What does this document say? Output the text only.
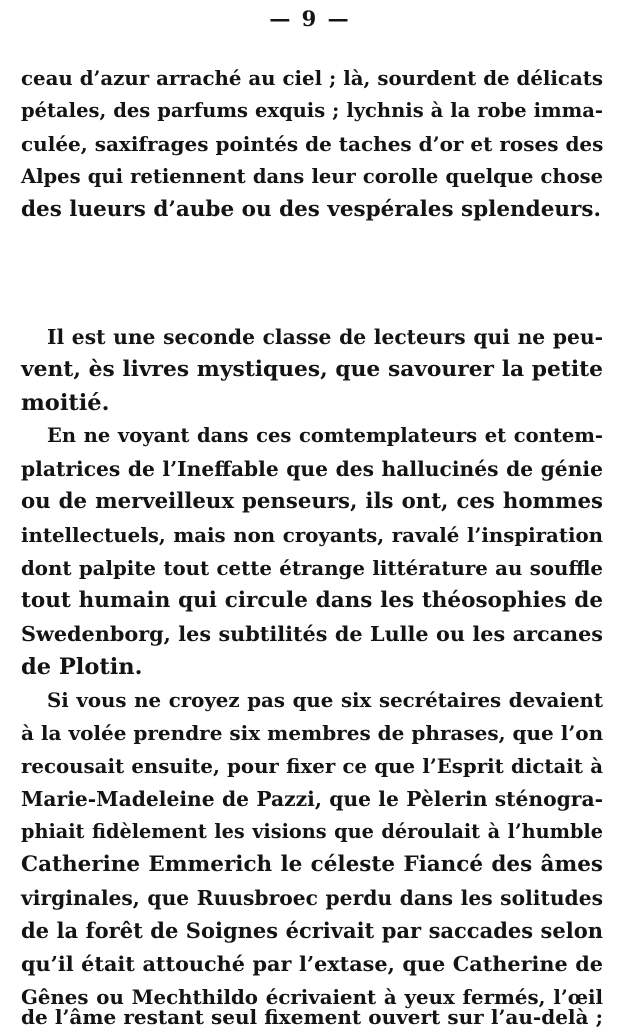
— 9 —
ceau d’azur arraché au ciel ; là, sourdent de délicats
pétales, des parfums exquis ; lychnis à la robe imma-
culée, saxifrages pointés de taches d’or et roses des
Alpes qui retiennent dans leur corolle quelque chose
des lueurs d’aube ou des vespérales splendeurs.
Il est une seconde classe de lecteurs qui ne peu-
vent, ès livres mystiques, que savourer la petite
moitié.
En ne voyant dans ces comtemplateurs et contem-
platrices de l’Ineffable que des hallucinés de génie
ou de merveilleux penseurs, ils ont, ces hommes
intellectuels, mais non croyants, ravalé l’inspiration
dont palpite tout cette étrange littérature au souffle
tout humain qui circule dans les théosophies de
Swedenborg, les subtilités de Lulle ou les arcanes
de Plotin.
Si vous ne croyez pas que six secrétaires devaient
à la volée prendre six membres de phrases, que l’on
recousait ensuite, pour fixer ce que l’Esprit dictait à
Marie-Madeleine de Pazzi, que le Pèlerin sténogra-
phiait fidèlement les visions que déroulait à l’humble
Catherine Emmerich le céleste Fiancé des âmes
virginales, que Ruusbroec perdu dans les solitudes
de la forêt de Soignes écrivait par saccades selon
qu’il était attouché par l’extase, que Catherine de
Gênes ou Mechthildo écrivaient à yeux fermés, l’œil
de l’âme restant seul fixement ouvert sur l’au-delà ;
